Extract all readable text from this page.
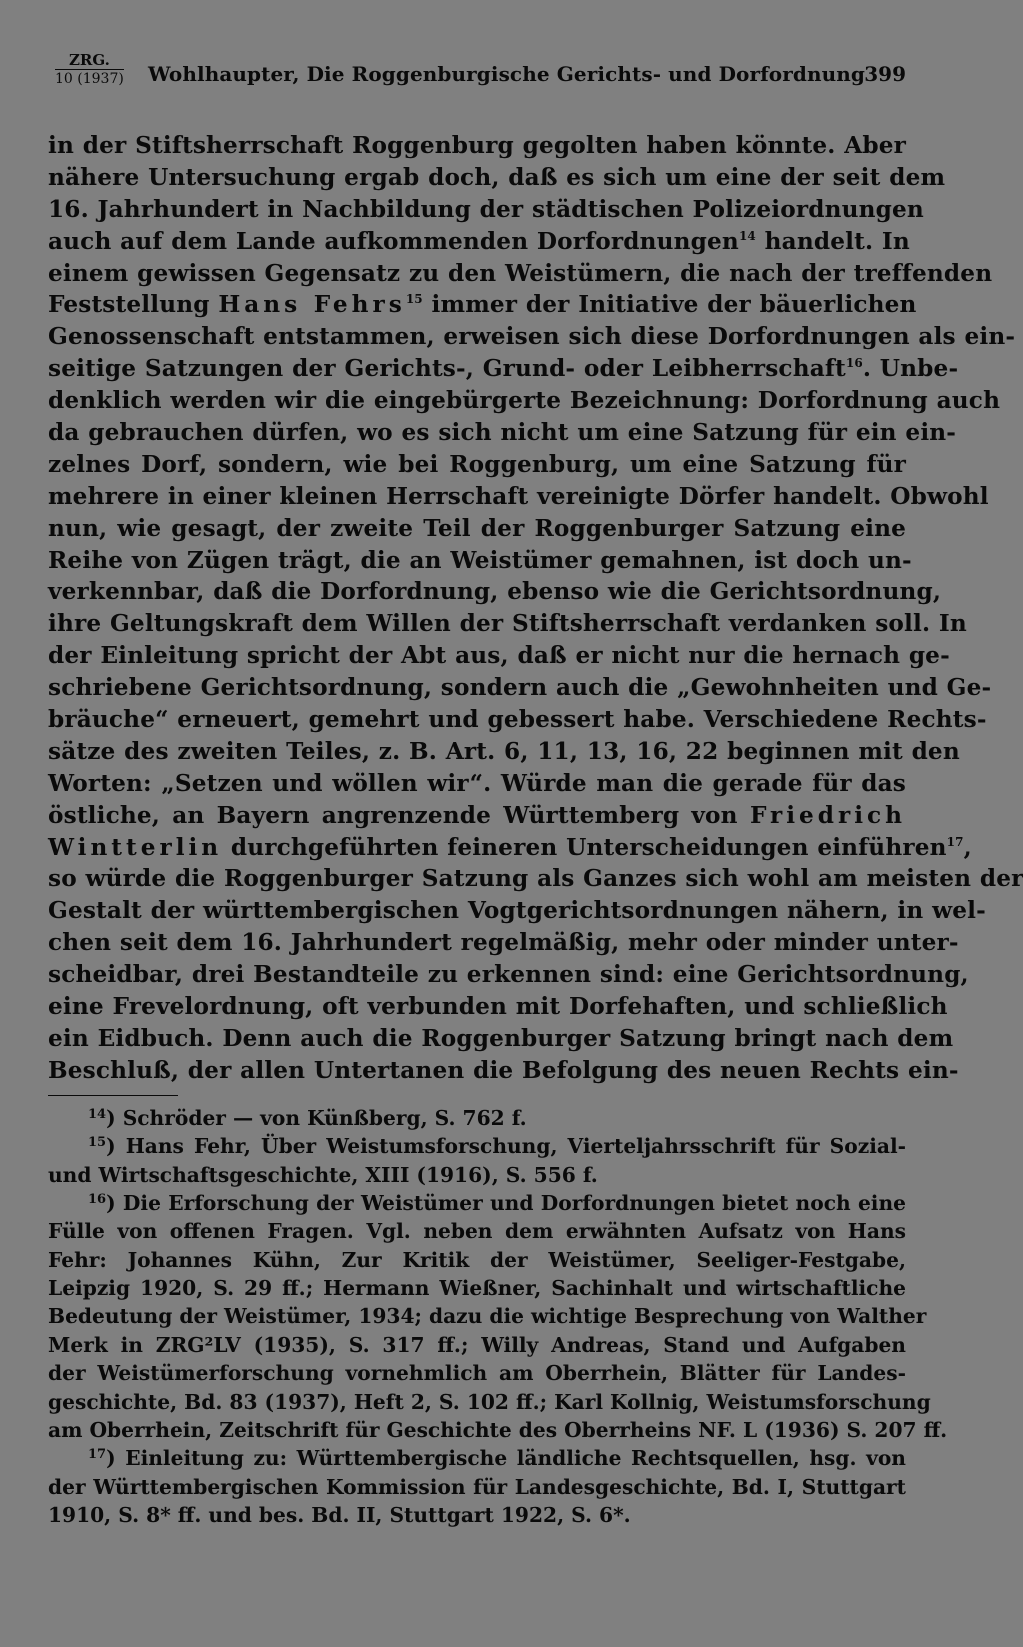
ZRG.
10 (1937) Wohlhaupter, Die Roggenburgische Gerichts- und Dorfordnung 399
in der Stiftsherrschaft Roggenburg gegolten haben könnte. Aber
nähere Untersuchung ergab doch, daß es sich um eine der seit dem
16. Jahrhundert in Nachbildung der städtischen Polizeiordnungen
auch auf dem Lande aufkommenden Dorfordnungen$^{14}$ handelt. In
einem gewissen Gegensatz zu den Weistümern, die nach der treffenden
Feststellung Hans Fehrs$^{15}$ immer der Initiative der bäuerlichen
Genossenschaft entstammen, erweisen sich diese Dorfordnungen als ein-
seitige Satzungen der Gerichts-, Grund- oder Leibherrschaft$^{16}$. Unbe-
denklich werden wir die eingebürgerte Bezeichnung: Dorfordnung auch
da gebrauchen dürfen, wo es sich nicht um eine Satzung für ein ein-
zelnes Dorf, sondern, wie bei Roggenburg, um eine Satzung für
mehrere in einer kleinen Herrschaft vereinigte Dörfer handelt. Obwohl
nun, wie gesagt, der zweite Teil der Roggenburger Satzung eine
Reihe von Zügen trägt, die an Weistümer gemahnen, ist doch un-
verkennbar, daß die Dorfordnung, ebenso wie die Gerichtsordnung,
ihre Geltungskraft dem Willen der Stiftsherrschaft verdanken soll. In
der Einleitung spricht der Abt aus, daß er nicht nur die hernach ge-
schriebene Gerichtsordnung, sondern auch die „Gewohnheiten und Ge-
bräuche“ erneuert, gemehrt und gebessert habe. Verschiedene Rechts-
sätze des zweiten Teiles, z. B. Art. 6, 11, 13, 16, 22 beginnen mit den
Worten: „Setzen und wöllen wir“. Würde man die gerade für das
östliche, an Bayern angrenzende Württemberg von Friedrich
Wintterlin durchgeführten feineren Unterscheidungen einführen$^{17}$,
so würde die Roggenburger Satzung als Ganzes sich wohl am meisten der
Gestalt der württembergischen Vogtgerichtsordnungen nähern, in wel-
chen seit dem 16. Jahrhundert regelmäßig, mehr oder minder unter-
scheidbar, drei Bestandteile zu erkennen sind: eine Gerichtsordnung,
eine Frevelordnung, oft verbunden mit Dorfehaften, und schließlich
ein Eidbuch. Denn auch die Roggenburger Satzung bringt nach dem
Beschluß, der allen Untertanen die Befolgung des neuen Rechts ein-
$^{14}$) Schröder — von Künßberg, S. 762 f.
$^{15}$) Hans Fehr, Über Weistumsforschung, Vierteljahrsschrift für Sozial-
und Wirtschaftsgeschichte, XIII (1916), S. 556 f.
$^{16}$) Die Erforschung der Weistümer und Dorfordnungen bietet noch eine
Fülle von offenen Fragen. Vgl. neben dem erwähnten Aufsatz von Hans
Fehr: Johannes Kühn, Zur Kritik der Weistümer, Seeliger-Festgabe,
Leipzig 1920, S. 29 ff.; Hermann Wießner, Sachinhalt und wirtschaftliche
Bedeutung der Weistümer, 1934; dazu die wichtige Besprechung von Walther
Merk in ZRG²LV (1935), S. 317 ff.; Willy Andreas, Stand und Aufgaben
der Weistümerforschung vornehmlich am Oberrhein, Blätter für Landes-
geschichte, Bd. 83 (1937), Heft 2, S. 102 ff.; Karl Kollnig, Weistumsforschung
am Oberrhein, Zeitschrift für Geschichte des Oberrheins NF. L (1936) S. 207 ff.
$^{17}$) Einleitung zu: Württembergische ländliche Rechtsquellen, hsg. von
der Württembergischen Kommission für Landesgeschichte, Bd. I, Stuttgart
1910, S. 8* ff. und bes. Bd. II, Stuttgart 1922, S. 6*.
